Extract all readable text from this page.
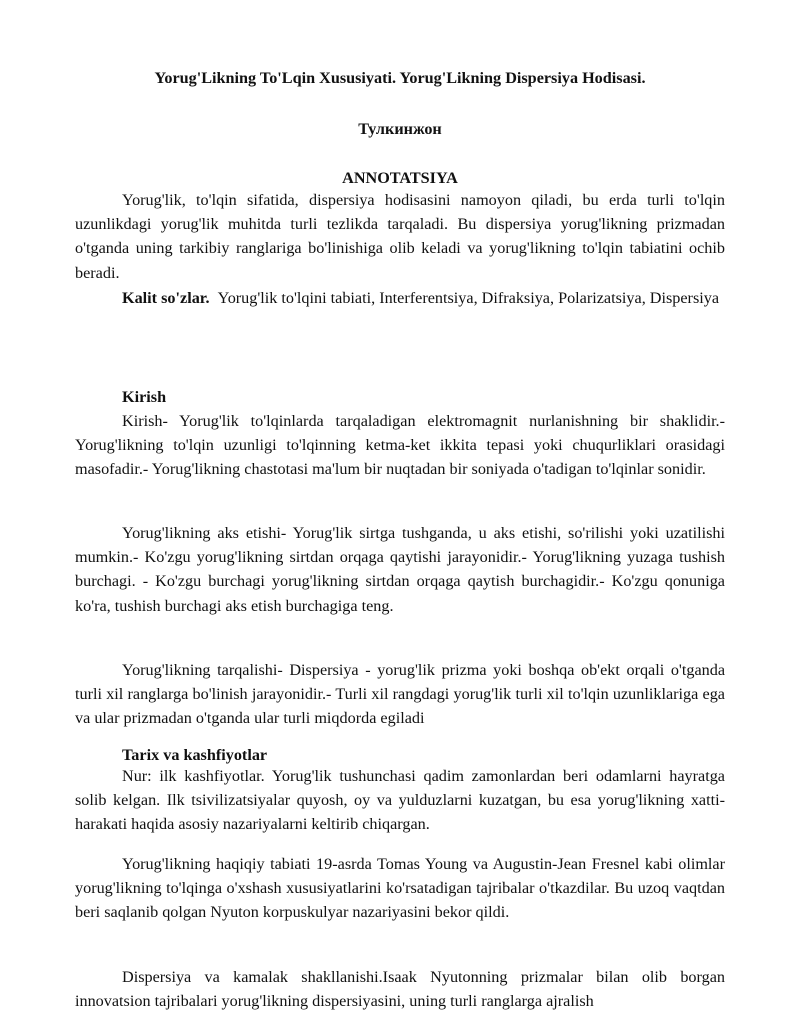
Yorug'Likning To'Lqin Xususiyati. Yorug'Likning Dispersiya Hodisasi.
Тулкинжон
ANNOTATSIYA

Yorug'lik, to'lqin sifatida, dispersiya hodisasini namoyon qiladi, bu erda turli to'lqin uzunlikdagi yorug'lik muhitda turli tezlikda tarqaladi. Bu dispersiya yorug'likning prizmadan o'tganda uning tarkibiy ranglariga bo'linishiga olib keladi va yorug'likning to'lqin tabiatini ochib beradi.

Kalit so'zlar. Yorug'lik to'lqini tabiati, Interferentsiya, Difraksiya, Polarizatsiya, Dispersiya

Kirish

Kirish- Yorug'lik to'lqinlarda tarqaladigan elektromagnit nurlanishning bir shaklidir.- Yorug'likning to'lqin uzunligi to'lqinning ketma-ket ikkita tepasi yoki chuqurliklari orasidagi masofadir.- Yorug'likning chastotasi ma'lum bir nuqtadan bir soniyada o'tadigan to'lqinlar sonidir.

Yorug'likning aks etishi- Yorug'lik sirtga tushganda, u aks etishi, so'rilishi yoki uzatilishi mumkin.- Ko'zgu yorug'likning sirtdan orqaga qaytishi jarayonidir.- Yorug'likning yuzaga tushish burchagi. - Ko'zgu burchagi yorug'likning sirtdan orqaga qaytish burchagidir.- Ko'zgu qonuniga ko'ra, tushish burchagi aks etish burchagiga teng.

Yorug'likning tarqalishi- Dispersiya - yorug'lik prizma yoki boshqa ob'ekt orqali o'tganda turli xil ranglarga bo'linish jarayonidir.- Turli xil rangdagi yorug'lik turli xil to'lqin uzunliklariga ega va ular prizmadan o'tganda ular turli miqdorda egiladi

Tarix va kashfiyotlar

Nur: ilk kashfiyotlar. Yorug'lik tushunchasi qadim zamonlardan beri odamlarni hayratga solib kelgan. Ilk tsivilizatsiyalar quyosh, oy va yulduzlarni kuzatgan, bu esa yorug'likning xatti-harakati haqida asosiy nazariyalarni keltirib chiqargan.

Yorug'likning haqiqiy tabiati 19-asrda Tomas Young va Augustin-Jean Fresnel kabi olimlar yorug'likning to'lqinga o'xshash xususiyatlarini ko'rsatadigan tajribalar o'tkazdilar. Bu uzoq vaqtdan beri saqlanib qolgan Nyuton korpuskulyar nazariyasini bekor qildi.

Dispersiya va kamalak shakllanishi.Isaak Nyutonning prizmalar bilan olib borgan innovatsion tajribalari yorug'likning dispersiyasini, uning turli ranglarga ajralish
